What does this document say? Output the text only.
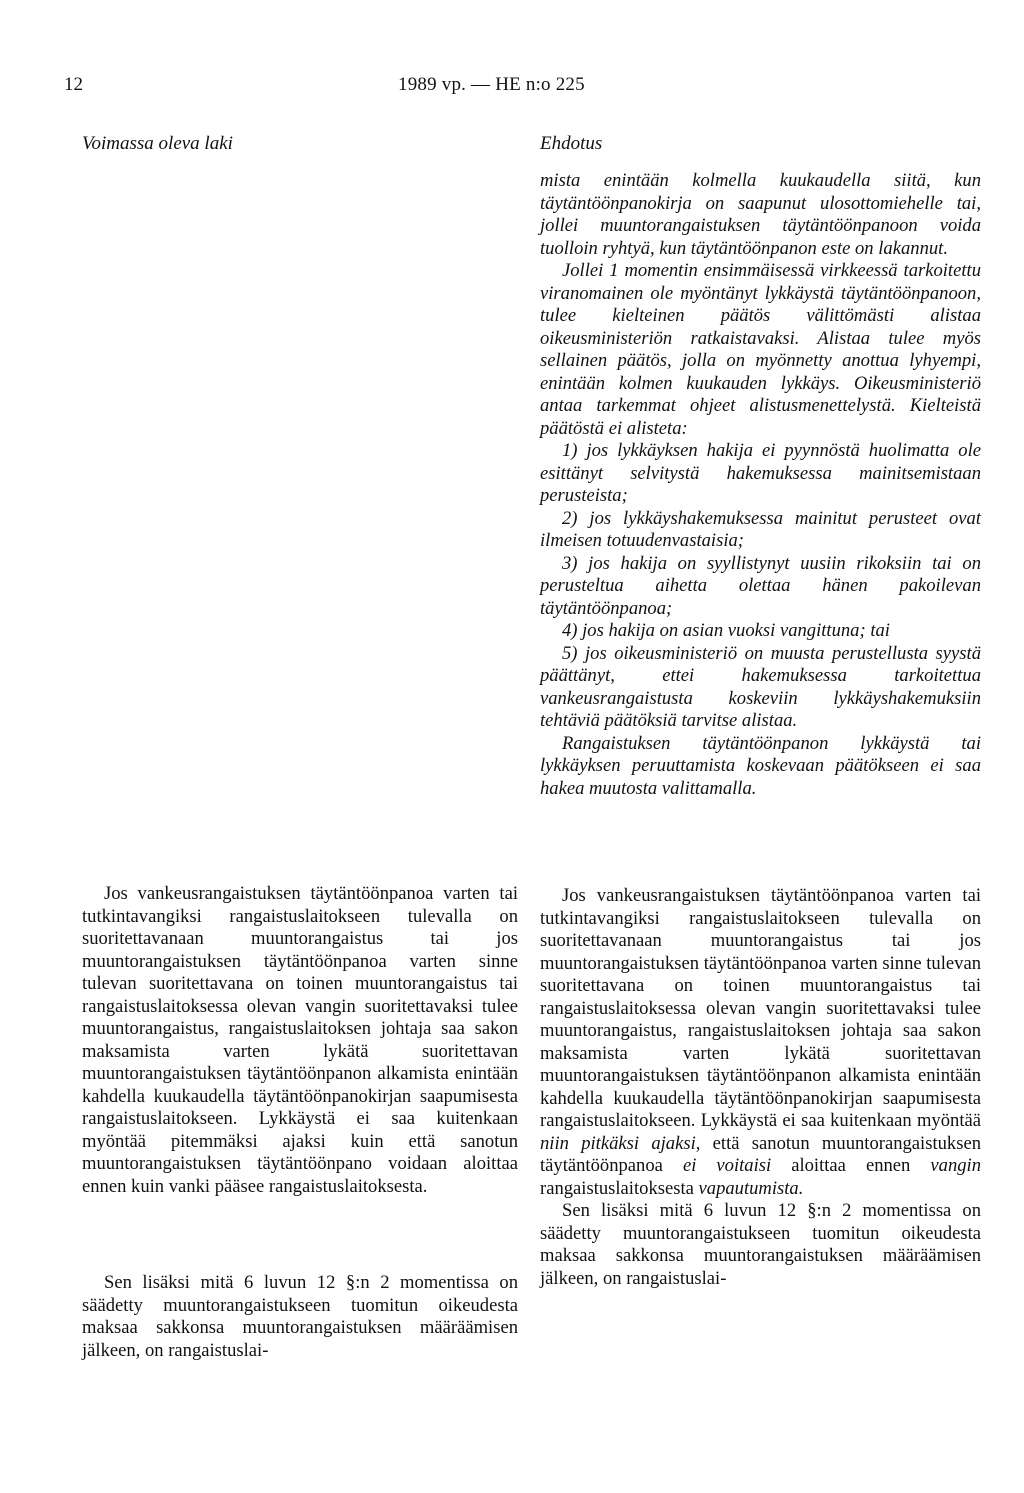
12	1989 vp. — HE n:o 225
Voimassa oleva laki	Ehdotus

Jos vankeusrangaistuksen täytäntöönpanoa varten tai tutkintavangiksi rangaistuslaitokseen tulevalla on suoritettavanaan muuntorangaistus tai jos muuntorangaistuksen täytäntöönpanoa varten sinne tulevan suoritettavana on toinen muuntorangaistus tai rangaistuslaitoksessa olevan vangin suoritettavaksi tulee muuntorangaistus, rangaistuslaitoksen johtaja saa sakon maksamista varten lykätä suoritettavan muuntorangaistuksen täytäntöönpanon alkamista enintään kahdella kuukaudella täytäntöönpanokirjan saapumisesta rangaistuslaitokseen. Lykkäystä ei saa kuitenkaan myöntää pitemmäksi ajaksi kuin että sanotun muuntorangaistuksen täytäntöönpano voidaan aloittaa ennen kuin vanki pääsee rangaistuslaitoksesta.

Sen lisäksi mitä 6 luvun 12 §:n 2 momentissa on säädetty muuntorangaistukseen tuomitun oikeudesta maksaa sakkonsa muuntorangaistuksen määräämisen jälkeen, on rangaistuslai-

mista enintään kolmella kuukaudella siitä, kun täytäntöönpanokirja on saapunut ulosottomiehelle tai, jollei muuntorangaistuksen täytäntöönpanoon voida tuolloin ryhtyä, kun täytäntöönpanon este on lakannut.

Jollei 1 momentin ensimmäisessä virkkeessä tarkoitettu viranomainen ole myöntänyt lykkäystä täytäntöönpanoon, tulee kielteinen päätös välittömästi alistaa oikeusministeriön ratkaistavaksi. Alistaa tulee myös sellainen päätös, jolla on myönnetty anottua lyhyempi, enintään kolmen kuukauden lykkäys. Oikeusministeriö antaa tarkemmat ohjeet alistusmenettelystä. Kielteistä päätöstä ei alisteta:

1) jos lykkäyksen hakija ei pyynnöstä huolimatta ole esittänyt selvitystä hakemuksessa mainitsemistaan perusteista;

2) jos lykkäyshakemuksessa mainitut perusteet ovat ilmeisen totuudenvastaisia;

3) jos hakija on syyllistynyt uusiin rikoksiin tai on perusteltua aihetta olettaa hänen pakoilevan täytäntöönpanoa;

4) jos hakija on asian vuoksi vangittuna; tai

5) jos oikeusministeriö on muusta perustellusta syystä päättänyt, ettei hakemuksessa tarkoitettua vankeusrangaistusta koskeviin lykkäyshakemuksiin tehtäviä päätöksiä tarvitse alistaa.

Rangaistuksen täytäntöönpanon lykkäystä tai lykkäyksen peruuttamista koskevaan päätökseen ei saa hakea muutosta valittamalla.

Jos vankeusrangaistuksen täytäntöönpanoa varten tai tutkintavangiksi rangaistuslaitokseen tulevalla on suoritettavanaan muuntorangaistus tai jos muuntorangaistuksen täytäntöönpanoa varten sinne tulevan suoritettavana on toinen muuntorangaistus tai rangaistuslaitoksessa olevan vangin suoritettavaksi tulee muuntorangaistus, rangaistuslaitoksen johtaja saa sakon maksamista varten lykätä suoritettavan muuntorangaistuksen täytäntöönpanon alkamista enintään kahdella kuukaudella täytäntöönpanokirjan saapumisesta rangaistuslaitokseen. Lykkäystä ei saa kuitenkaan myöntää niin pitkäksi ajaksi, että sanotun muuntorangaistuksen täytäntöönpanoa ei voitaisi aloittaa ennen vangin rangaistuslaitoksesta vapautumista.

Sen lisäksi mitä 6 luvun 12 §:n 2 momentissa on säädetty muuntorangaistukseen tuomitun oikeudesta maksaa sakkonsa muuntorangaistuksen määräämisen jälkeen, on rangaistuslai-
